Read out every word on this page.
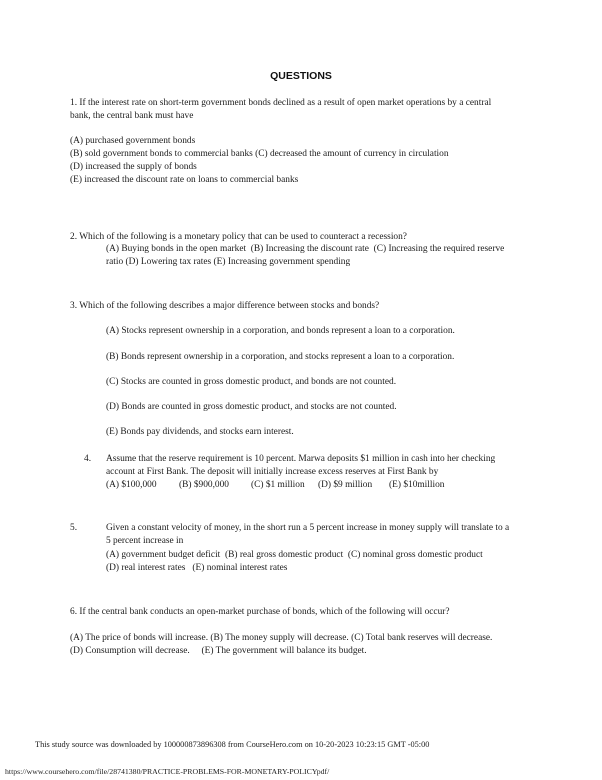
QUESTIONS
1. If the interest rate on short-term government bonds declined as a result of open market operations by a central
bank, the central bank must have
(A) purchased government bonds
(B) sold government bonds to commercial banks (C) decreased the amount of currency in circulation
(D) increased the supply of bonds
(E) increased the discount rate on loans to commercial banks
2. Which of the following is a monetary policy that can be used to counteract a recession?
(A) Buying bonds in the open market  (B) Increasing the discount rate  (C) Increasing the required reserve
ratio (D) Lowering tax rates (E) Increasing government spending
3. Which of the following describes a major difference between stocks and bonds?
(A) Stocks represent ownership in a corporation, and bonds represent a loan to a corporation.
(B) Bonds represent ownership in a corporation, and stocks represent a loan to a corporation.
(C) Stocks are counted in gross domestic product, and bonds are not counted.
(D) Bonds are counted in gross domestic product, and stocks are not counted.
(E) Bonds pay dividends, and stocks earn interest.
4. Assume that the reserve requirement is 10 percent. Marwa deposits $1 million in cash into her checking
account at First Bank. The deposit will initially increase excess reserves at First Bank by
(A) $100,000 (B) $900,000 (C) $1 million (D) $9 million (E) $10million
5.	Given a constant velocity of money, in the short run a 5 percent increase in money supply will translate to a
5 percent increase in
(A) government budget deficit  (B) real gross domestic product  (C) nominal gross domestic product
(D) real interest rates   (E) nominal interest rates
6. If the central bank conducts an open-market purchase of bonds, which of the following will occur?
(A) The price of bonds will increase. (B) The money supply will decrease. (C) Total bank reserves will decrease.
(D) Consumption will decrease.     (E) The government will balance its budget.
This study source was downloaded by 100000873896308 from CourseHero.com on 10-20-2023 10:23:15 GMT -05:00
https://www.coursehero.com/file/28741380/PRACTICE-PROBLEMS-FOR-MONETARY-POLICYpdf/
